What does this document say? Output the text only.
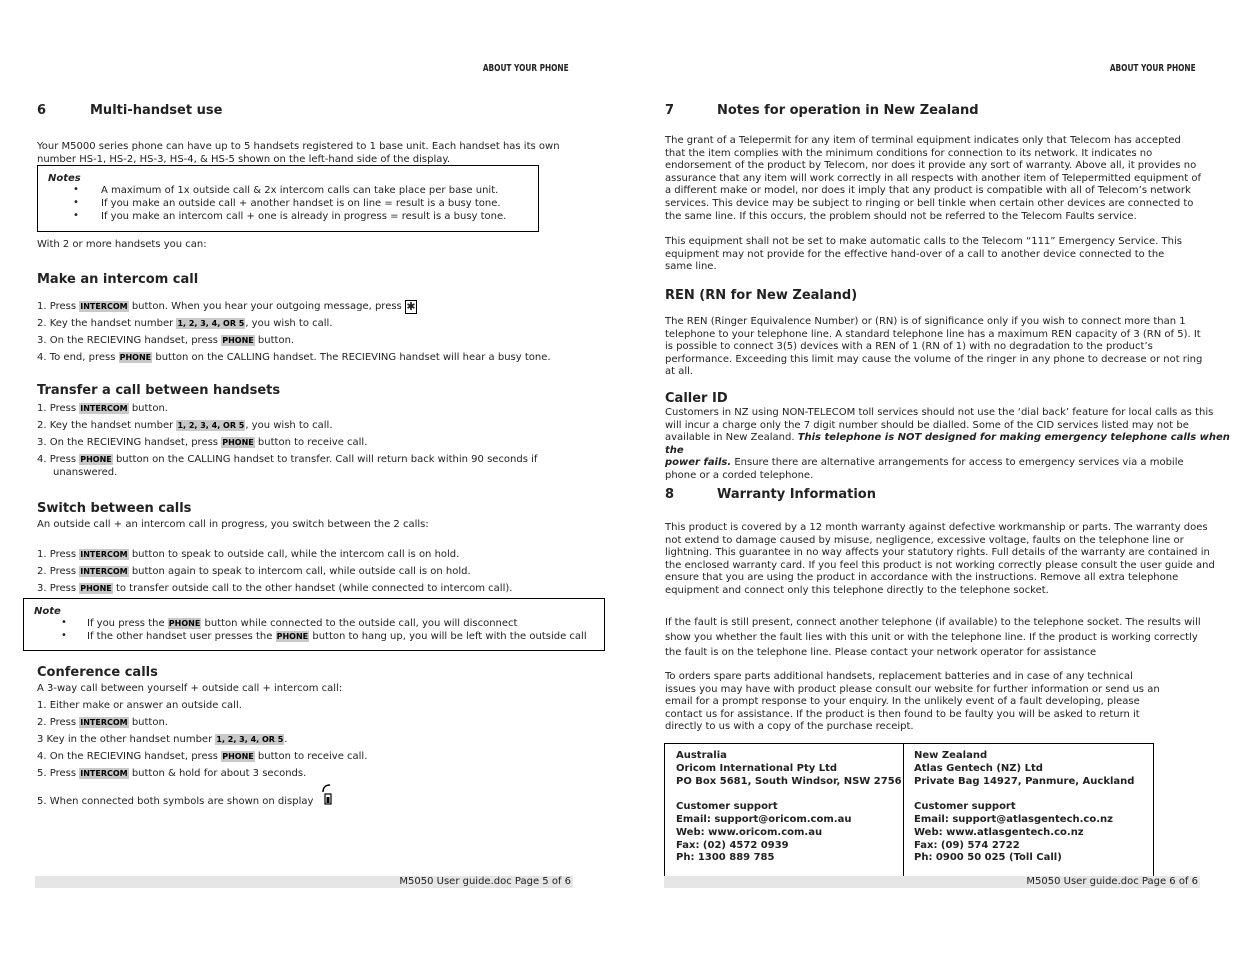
ABOUT YOUR PHONE
6	Multi-handset use
Your M5000 series phone can have up to 5 handsets registered to 1 base unit. Each handset has its own
number HS-1, HS-2, HS-3, HS-4, & HS-5 shown on the left-hand side of the display.
Notes
• A maximum of 1x outside call & 2x intercom calls can take place per base unit.
• If you make an outside call + another handset is on line = result is a busy tone.
• If you make an intercom call + one is already in progress = result is a busy tone.
With 2 or more handsets you can:
Make an intercom call
1. Press INTERCOM button. When you hear your outgoing message, press ✱
2. Key the handset number 1, 2, 3, 4, OR 5, you wish to call.
3. On the RECIEVING handset, press PHONE button.
4. To end, press PHONE button on the CALLING handset. The RECIEVING handset will hear a busy tone.
Transfer a call between handsets
1. Press INTERCOM button.
2. Key the handset number 1, 2, 3, 4, OR 5, you wish to call.
3. On the RECIEVING handset, press PHONE button to receive call.
4. Press PHONE button on the CALLING handset to transfer. Call will return back within 90 seconds if
unanswered.
Switch between calls
An outside call + an intercom call in progress, you switch between the 2 calls:
1. Press INTERCOM button to speak to outside call, while the intercom call is on hold.
2. Press INTERCOM button again to speak to intercom call, while outside call is on hold.
3. Press PHONE to transfer outside call to the other handset (while connected to intercom call).
Note
• If you press the PHONE button while connected to the outside call, you will disconnect
• If the other handset user presses the PHONE button to hang up, you will be left with the outside call
Conference calls
A 3-way call between yourself + outside call + intercom call:
1. Either make or answer an outside call.
2. Press INTERCOM button.
3 Key in the other handset number 1, 2, 3, 4, OR 5.
4. On the RECIEVING handset, press PHONE button to receive call.
5. Press INTERCOM button & hold for about 3 seconds.
5. When connected both symbols are shown on display
M5050 User guide.doc Page 5 of 6
ABOUT YOUR PHONE
7	Notes for operation in New Zealand
The grant of a Telepermit for any item of terminal equipment indicates only that Telecom has accepted
that the item complies with the minimum conditions for connection to its network. It indicates no
endorsement of the product by Telecom, nor does it provide any sort of warranty. Above all, it provides no
assurance that any item will work correctly in all respects with another item of Telepermitted equipment of
a different make or model, nor does it imply that any product is compatible with all of Telecom’s network
services. This device may be subject to ringing or bell tinkle when certain other devices are connected to
the same line. If this occurs, the problem should not be referred to the Telecom Faults service.
This equipment shall not be set to make automatic calls to the Telecom “111” Emergency Service. This
equipment may not provide for the effective hand-over of a call to another device connected to the
same line.
REN (RN for New Zealand)
The REN (Ringer Equivalence Number) or (RN) is of significance only if you wish to connect more than 1
telephone to your telephone line. A standard telephone line has a maximum REN capacity of 3 (RN of 5). It
is possible to connect 3(5) devices with a REN of 1 (RN of 1) with no degradation to the product’s
performance. Exceeding this limit may cause the volume of the ringer in any phone to decrease or not ring
at all.
Caller ID
Customers in NZ using NON-TELECOM toll services should not use the ‘dial back’ feature for local calls as this
will incur a charge only the 7 digit number should be dialled. Some of the CID services listed may not be
available in New Zealand. This telephone is NOT designed for making emergency telephone calls when the
power fails. Ensure there are alternative arrangements for access to emergency services via a mobile
phone or a corded telephone.
8	Warranty Information
This product is covered by a 12 month warranty against defective workmanship or parts. The warranty does
not extend to damage caused by misuse, negligence, excessive voltage, faults on the telephone line or
lightning. This guarantee in no way affects your statutory rights. Full details of the warranty are contained in
the enclosed warranty card. If you feel this product is not working correctly please consult the user guide and
ensure that you are using the product in accordance with the instructions. Remove all extra telephone
equipment and connect only this telephone directly to the telephone socket.
If the fault is still present, connect another telephone (if available) to the telephone socket. The results will
show you whether the fault lies with this unit or with the telephone line. If the product is working correctly
the fault is on the telephone line. Please contact your network operator for assistance
To orders spare parts additional handsets, replacement batteries and in case of any technical
issues you may have with product please consult our website for further information or send us an
email for a prompt response to your enquiry. In the unlikely event of a fault developing, please
contact us for assistance. If the product is then found to be faulty you will be asked to return it
directly to us with a copy of the purchase receipt.
Australia
Oricom International Pty Ltd
PO Box 5681, South Windsor, NSW 2756
Customer support
Email: support@oricom.com.au
Web: www.oricom.com.au
Fax: (02) 4572 0939
Ph: 1300 889 785
New Zealand
Atlas Gentech (NZ) Ltd
Private Bag 14927, Panmure, Auckland
Customer support
Email: support@atlasgentech.co.nz
Web: www.atlasgentech.co.nz
Fax: (09) 574 2722
Ph: 0900 50 025 (Toll Call)
M5050 User guide.doc Page 6 of 6
